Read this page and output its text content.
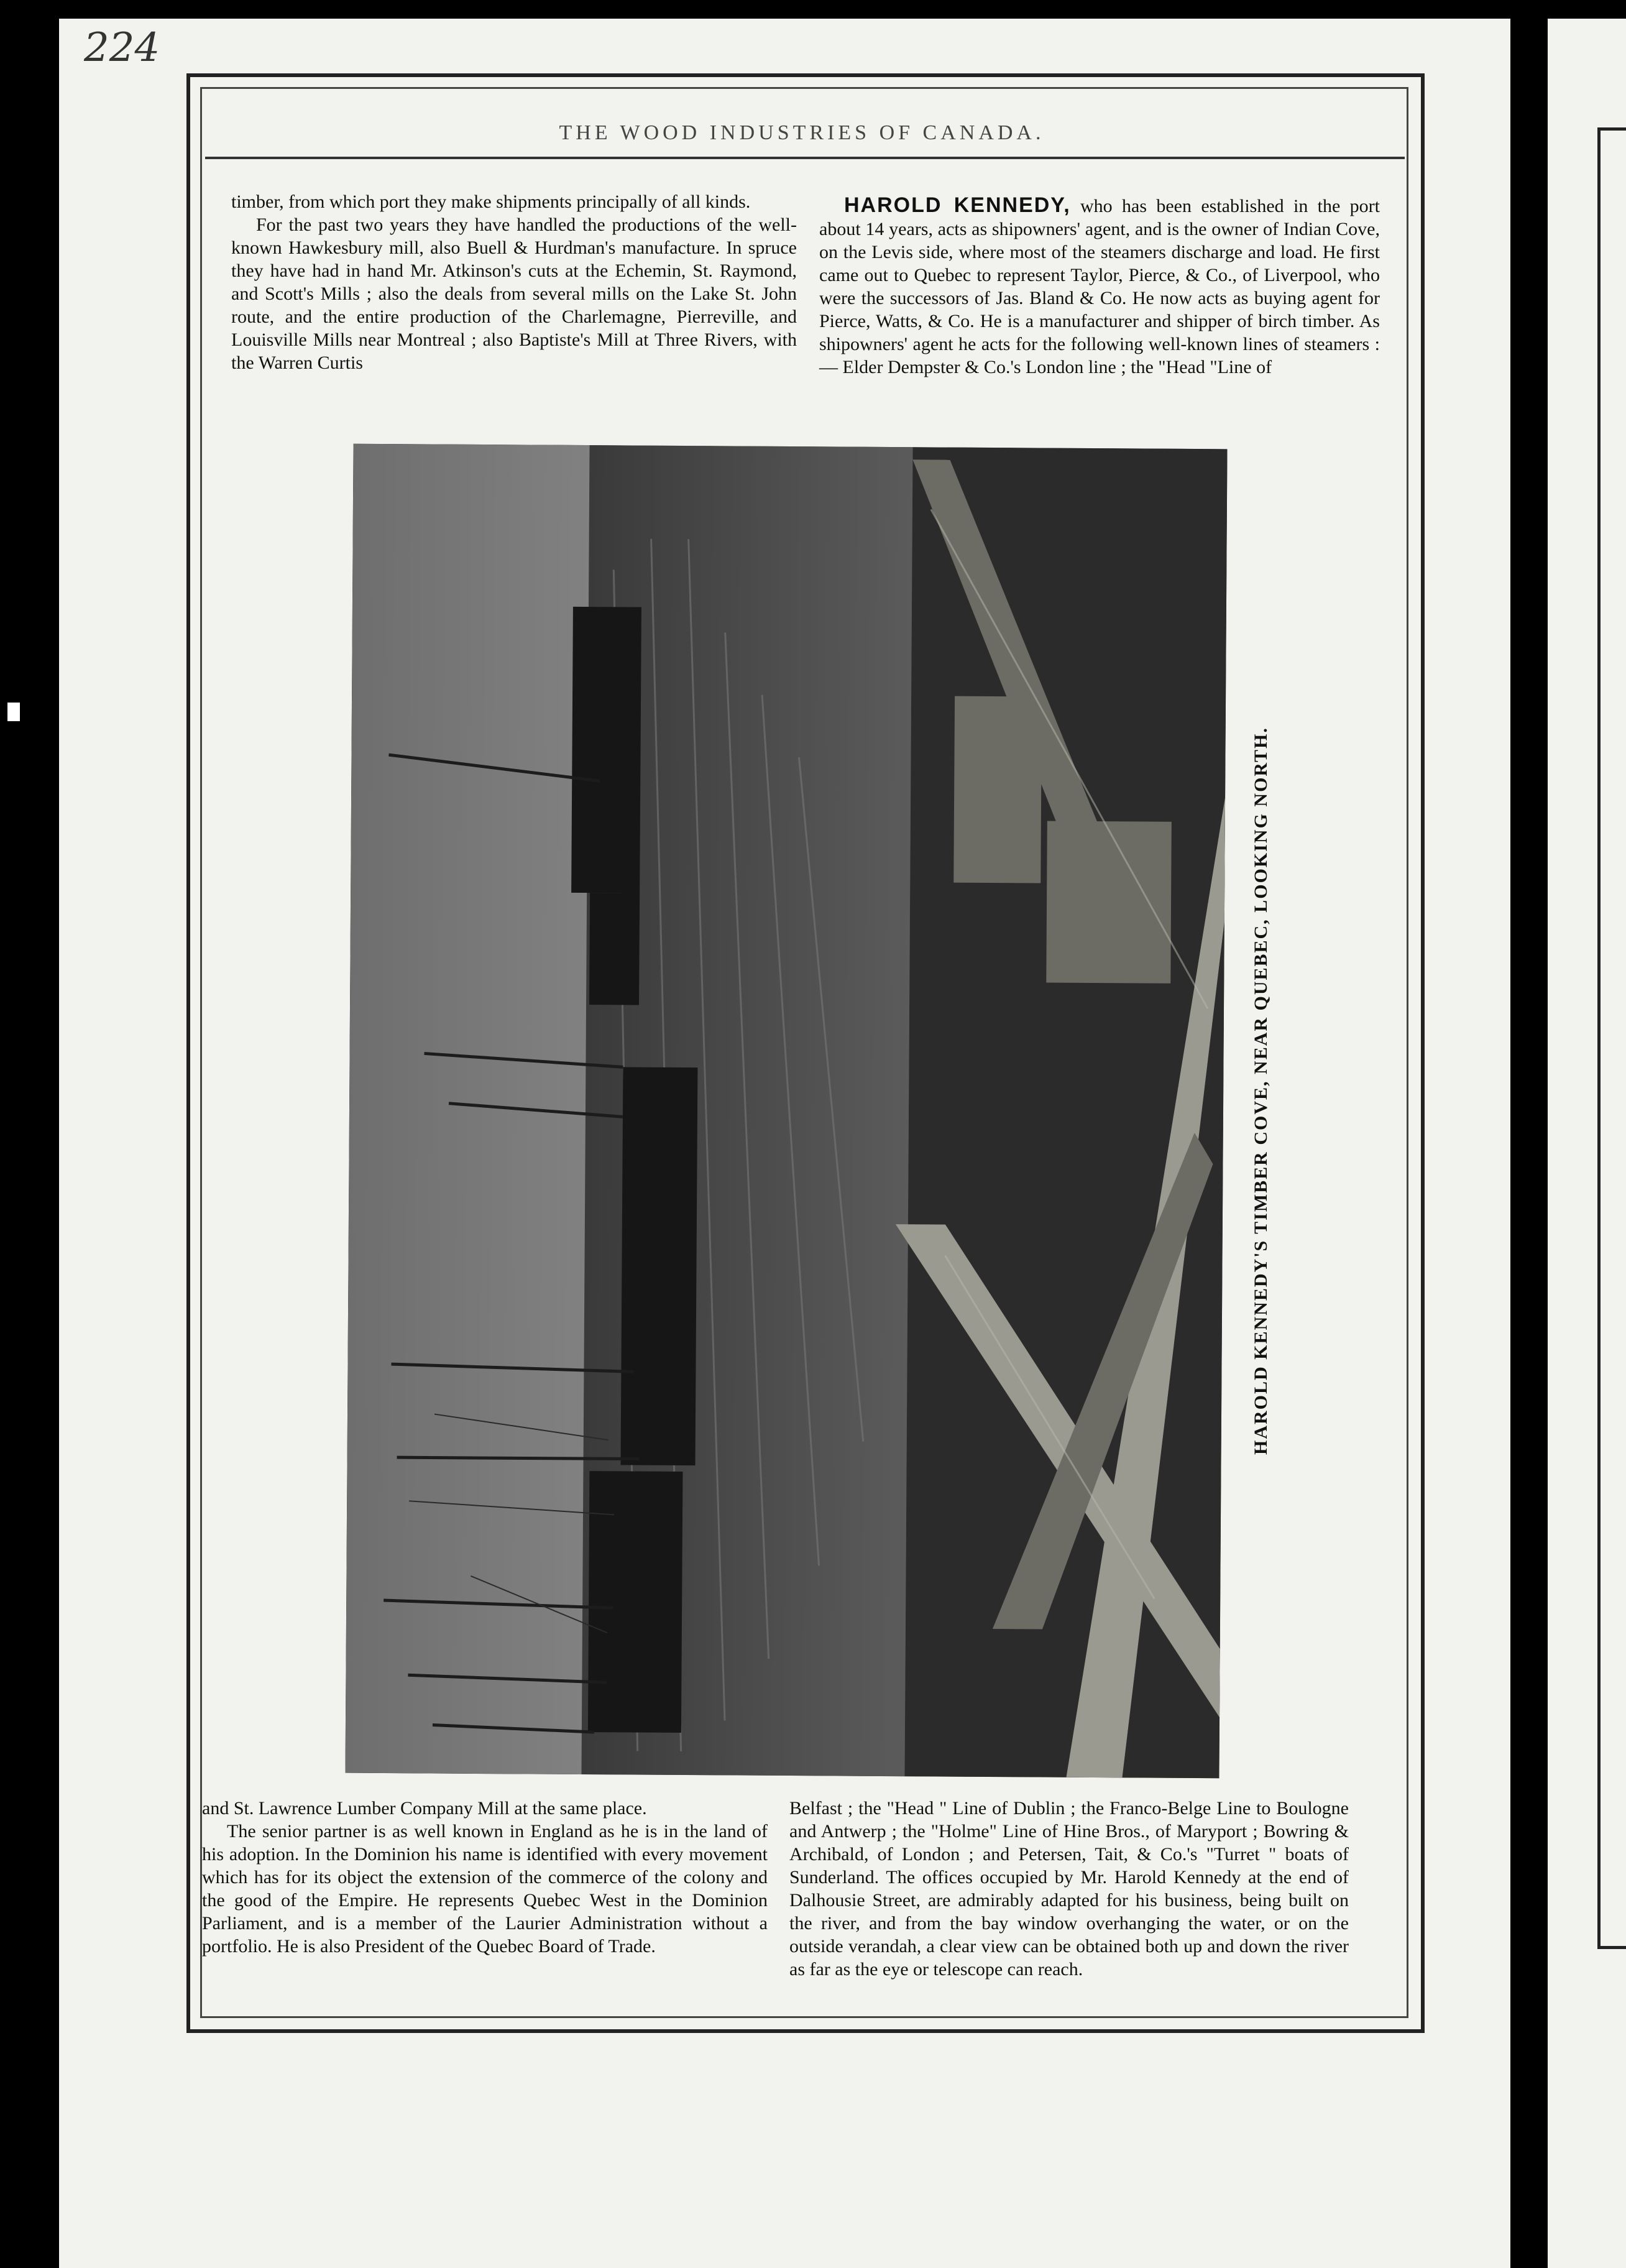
224
THE WOOD INDUSTRIES OF CANADA.

timber, from which port they make shipments principally of all kinds.

For the past two years they have handled the productions of the well-known Hawkesbury mill, also Buell & Hurdman's manufacture. In spruce they have had in hand Mr. Atkinson's cuts at the Echemin, St. Raymond, and Scott's Mills ; also the deals from several mills on the Lake St. John route, and the entire production of the Charlemagne, Pierreville, and Louisville Mills near Montreal ; also Baptiste's Mill at Three Rivers, with the Warren Curtis

HAROLD KENNEDY, who has been established in the port about 14 years, acts as shipowners' agent, and is the owner of Indian Cove, on the Levis side, where most of the steamers discharge and load. He first came out to Quebec to represent Taylor, Pierce, & Co., of Liverpool, who were the successors of Jas. Bland & Co. He now acts as buying agent for Pierce, Watts, & Co. He is a manufacturer and shipper of birch timber. As shipowners' agent he acts for the following well-known lines of steamers :— Elder Dempster & Co.'s London line ; the "Head "Line of

HAROLD KENNEDY'S TIMBER COVE, NEAR QUEBEC, LOOKING NORTH.

and St. Lawrence Lumber Company Mill at the same place.

The senior partner is as well known in England as he is in the land of his adoption. In the Dominion his name is identified with every movement which has for its object the extension of the commerce of the colony and the good of the Empire. He represents Quebec West in the Dominion Parliament, and is a member of the Laurier Administration without a portfolio. He is also President of the Quebec Board of Trade.

Belfast ; the "Head " Line of Dublin ; the Franco-Belge Line to Boulogne and Antwerp ; the "Holme" Line of Hine Bros., of Maryport ; Bowring & Archibald, of London ; and Petersen, Tait, & Co.'s "Turret " boats of Sunderland. The offices occupied by Mr. Harold Kennedy at the end of Dalhousie Street, are admirably adapted for his business, being built on the river, and from the bay window overhanging the water, or on the outside verandah, a clear view can be obtained both up and down the river as far as the eye or telescope can reach.
